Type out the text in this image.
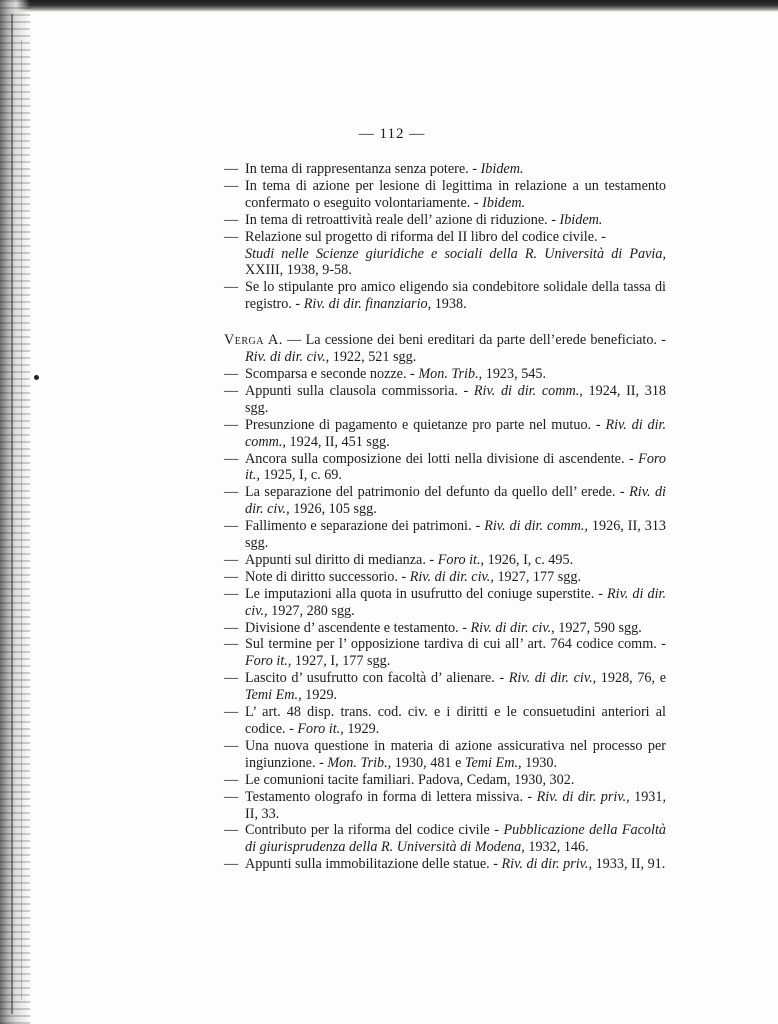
— 112 —
— In tema di rappresentanza senza potere. - Ibidem.
— In tema di azione per lesione di legittima in relazione a un testamento confermato o eseguito volontariamente. - Ibidem.
— In tema di retroattività reale dell’ azione di riduzione. - Ibidem.
— Relazione sul progetto di riforma del II libro del codice civile. -
Studi nelle Scienze giuridiche e sociali della R. Università di Pavia, XXIII, 1938, 9-58.
— Se lo stipulante pro amico eligendo sia condebitore solidale della tassa di registro. - Riv. di dir. finanziario, 1938.
Verga A. — La cessione dei beni ereditari da parte dell’erede beneficiato. - Riv. di dir. civ., 1922, 521 sgg.
— Scomparsa e seconde nozze. - Mon. Trib., 1923, 545.
— Appunti sulla clausola commissoria. - Riv. di dir. comm., 1924, II, 318 sgg.
— Presunzione di pagamento e quietanze pro parte nel mutuo. - Riv. di dir. comm., 1924, II, 451 sgg.
— Ancora sulla composizione dei lotti nella divisione di ascendente. - Foro it., 1925, I, c. 69.
— La separazione del patrimonio del defunto da quello dell’ erede. - Riv. di dir. civ., 1926, 105 sgg.
— Fallimento e separazione dei patrimoni. - Riv. di dir. comm., 1926, II, 313 sgg.
— Appunti sul diritto di medianza. - Foro it., 1926, I, c. 495.
— Note di diritto successorio. - Riv. di dir. civ., 1927, 177 sgg.
— Le imputazioni alla quota in usufrutto del coniuge superstite. - Riv. di dir. civ., 1927, 280 sgg.
— Divisione d’ ascendente e testamento. - Riv. di dir. civ., 1927, 590 sgg.
— Sul termine per l’ opposizione tardiva di cui all’ art. 764 codice comm. - Foro it., 1927, I, 177 sgg.
— Lascito d’ usufrutto con facoltà d’ alienare. - Riv. di dir. civ., 1928, 76, e Temi Em., 1929.
— L’ art. 48 disp. trans. cod. civ. e i diritti e le consuetudini anteriori al codice. - Foro it., 1929.
— Una nuova questione in materia di azione assicurativa nel processo per ingiunzione. - Mon. Trib., 1930, 481 e Temi Em., 1930.
— Le comunioni tacite familiari. Padova, Cedam, 1930, 302.
— Testamento olografo in forma di lettera missiva. - Riv. di dir. priv., 1931, II, 33.
— Contributo per la riforma del codice civile - Pubblicazione della Facoltà di giurisprudenza della R. Università di Modena, 1932, 146.
— Appunti sulla immobilitazione delle statue. - Riv. di dir. priv., 1933, II, 91.
